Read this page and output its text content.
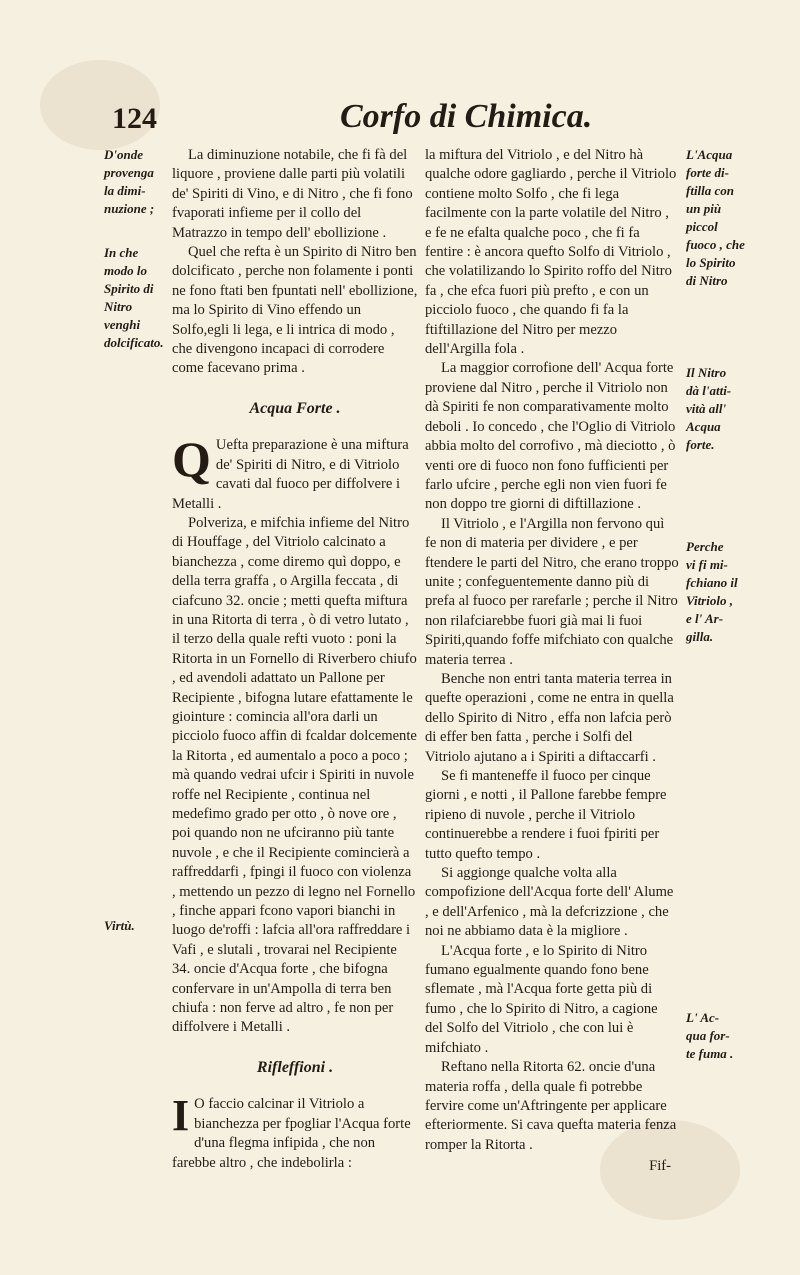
124	Corfo di Chimica.
D'onde
provenga
la dimi-
nuzione ;
In che
modo lo
Spirito di
Nitro
venghi
dolcificato.
Virtù.
L'Acqua
forte di-
ftilla con
un più
piccol
fuoco , che
lo Spirito
di Nitro
Il Nitro
dà l'atti-
vità all'
Acqua
forte.
Perche
vi fi mi-
fchiano il
Vitriolo ,
e l' Ar-
gilla.
L' Ac-
qua for-
te fuma .

La diminuzione notabile, che fi fà del liquore , proviene dalle parti più volatili de' Spiriti di Vino, e di Nitro , che fi fono fvaporati infieme per il collo del Matrazzo in tempo dell' ebollizione .

Quel che refta è un Spirito di Nitro ben dolcificato , perche non folamente i ponti ne fono ftati ben fpuntati nell' ebollizione, ma lo Spirito di Vino effendo un Solfo,egli li lega, e li intrica di modo , che divengono incapaci di corrodere come facevano prima .

Acqua Forte .

Q Uefta preparazione è una miftura de' Spiriti di Nitro, e di Vitriolo cavati dal fuoco per diffolvere i Metalli .

Polveriza, e mifchia infieme del Nitro di Houffage , del Vitriolo calcinato a bianchezza , come diremo quì doppo, e della terra graffa , o Argilla feccata , di ciafcuno 32. oncie ; metti quefta miftura in una Ritorta di terra , ò di vetro lutato , il terzo della quale refti vuoto : poni la Ritorta in un Fornello di Riverbero chiufo , ed avendoli adattato un Pallone per Recipiente , bifogna lutare efattamente le giointure : comincia all'ora darli un picciolo fuoco affin di fcaldar dolcemente la Ritorta , ed aumentalo a poco a poco ; mà quando vedrai ufcir i Spiriti in nuvole roffe nel Recipiente , continua nel medefimo grado per otto , ò nove ore , poi quando non ne ufciranno più tante nuvole , e che il Recipiente comincierà a raffreddarfi , fpingi il fuoco con violenza , mettendo un pezzo di legno nel Fornello , finche appari fcono vapori bianchi in luogo de'roffi : lafcia all'ora raffreddare i Vafi , e slutali , trovarai nel Recipiente 34. oncie d'Acqua forte , che bifogna confervare in un'Ampolla di terra ben chiufa : non ferve ad altro , fe non per diffolvere i Metalli .

Rifleffioni .

I O faccio calcinar il Vitriolo a bianchezza per fpogliar l'Acqua forte d'una flegma infipida , che non farebbe altro , che indebolirla :

la miftura del Vitriolo , e del Nitro hà qualche odore gagliardo , perche il Vitriolo contiene molto Solfo , che fi lega facilmente con la parte volatile del Nitro , e fe ne efalta qualche poco , che fi fa fentire : è ancora quefto Solfo di Vitriolo , che volatilizando lo Spirito roffo del Nitro fa , che efca fuori più prefto , e con un picciolo fuoco , che quando fi fa la ftiftillazione del Nitro per mezzo dell'Argilla fola .

La maggior corrofione dell' Acqua forte proviene dal Nitro , perche il Vitriolo non dà Spiriti fe non comparativamente molto deboli . Io concedo , che l'Oglio di Vitriolo abbia molto del corrofivo , mà dieciotto , ò venti ore di fuoco non fono fufficienti per farlo ufcire , perche egli non vien fuori fe non doppo tre giorni di diftillazione .

Il Vitriolo , e l'Argilla non fervono quì fe non di materia per dividere , e per ftendere le parti del Nitro, che erano troppo unite ; confeguentemente danno più di prefa al fuoco per rarefarle ; perche il Nitro non rilafciarebbe fuori già mai li fuoi Spiriti,quando foffe mifchiato con qualche materia terrea .

Benche non entri tanta materia terrea in quefte operazioni , come ne entra in quella dello Spirito di Nitro , effa non lafcia però di effer ben fatta , perche i Solfi del Vitriolo ajutano a i Spiriti a diftaccarfi .

Se fi manteneffe il fuoco per cinque giorni , e notti , il Pallone farebbe fempre ripieno di nuvole , perche il Vitriolo continuerebbe a rendere i fuoi fpiriti per tutto quefto tempo .

Si aggionge qualche volta alla compofizione dell'Acqua forte dell' Alume , e dell'Arfenico , mà la defcrizzione , che noi ne abbiamo data è la migliore .

L'Acqua forte , e lo Spirito di Nitro fumano egualmente quando fono bene sflemate , mà l'Acqua forte getta più di fumo , che lo Spirito di Nitro, a cagione del Solfo del Vitriolo , che con lui è mifchiato .

Reftano nella Ritorta 62. oncie d'una materia roffa , della quale fi potrebbe fervire come un'Aftringente per applicare efteriormente. Si cava quefta materia fenza romper la Ritorta .

Fif-
